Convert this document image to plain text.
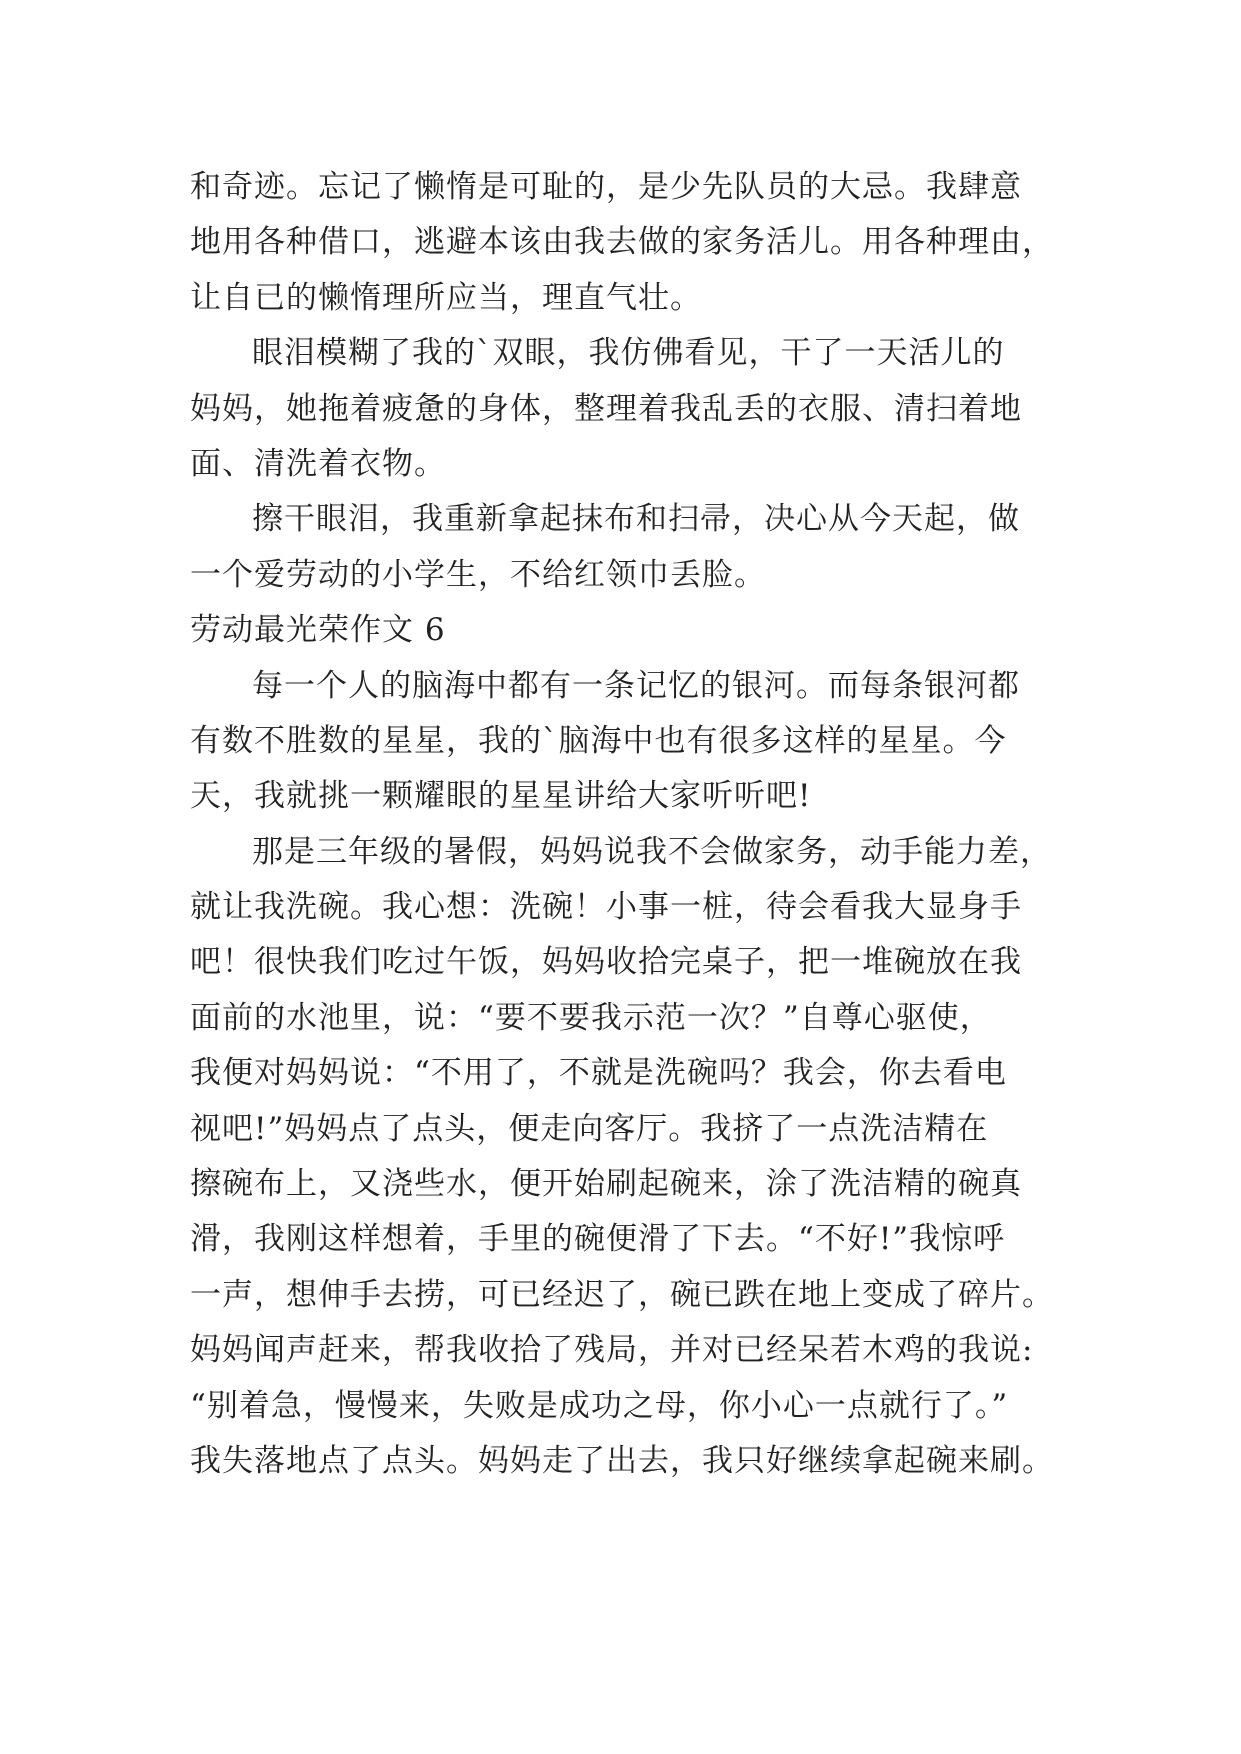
和奇迹。忘记了懒惰是可耻的，是少先队员的大忌。我肆意
地用各种借口，逃避本该由我去做的家务活儿。用各种理由，
让自已的懒惰理所应当，理直气壮。
眼泪模糊了我的`双眼，我仿佛看见，干了一天活儿的
妈妈，她拖着疲惫的身体，整理着我乱丢的衣服、清扫着地
面、清洗着衣物。
擦干眼泪，我重新拿起抹布和扫帚，决心从今天起，做
一个爱劳动的小学生，不给红领巾丢脸。
劳动最光荣作文 6
每一个人的脑海中都有一条记忆的银河。而每条银河都
有数不胜数的星星，我的`脑海中也有很多这样的星星。今
天，我就挑一颗耀眼的星星讲给大家听听吧!
那是三年级的暑假，妈妈说我不会做家务，动手能力差，
就让我洗碗。我心想：洗碗！小事一桩，待会看我大显身手
吧！很快我们吃过午饭，妈妈收拾完桌子，把一堆碗放在我
面前的水池里，说：“要不要我示范一次？”自尊心驱使，
我便对妈妈说：“不用了，不就是洗碗吗？我会，你去看电
视吧!”妈妈点了点头，便走向客厅。我挤了一点洗洁精在
擦碗布上，又浇些水，便开始刷起碗来，涂了洗洁精的碗真
滑，我刚这样想着，手里的碗便滑了下去。“不好!”我惊呼
一声，想伸手去捞，可已经迟了，碗已跌在地上变成了碎片。
妈妈闻声赶来，帮我收拾了残局，并对已经呆若木鸡的我说:
“别着急，慢慢来，失败是成功之母，你小心一点就行了。”
我失落地点了点头。妈妈走了出去，我只好继续拿起碗来刷。
